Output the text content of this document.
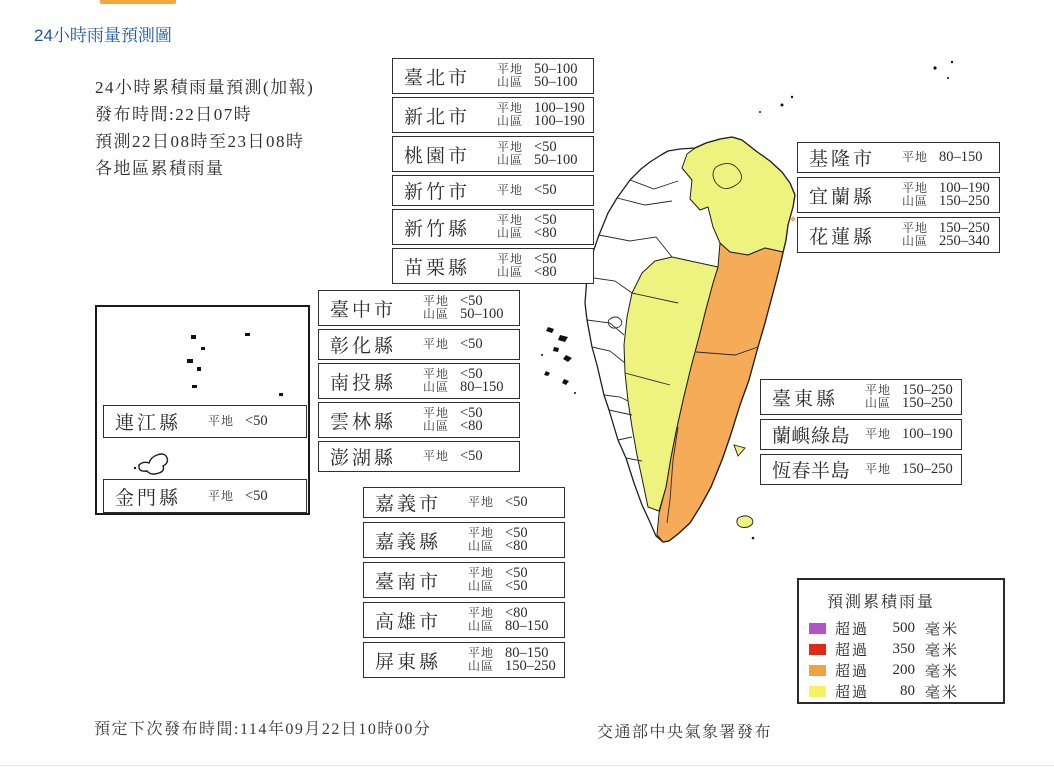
24小時雨量預測圖
24小時累積雨量預測(加報)
發布時間:22日07時
預測22日08時至23日08時
各地區累積雨量
臺北市	平地 50–100
山區 50–100
新北市	平地 100–190
山區 100–190
桃園市	平地 <50
山區 50–100
新竹市	平地 <50
新竹縣	平地 <50
山區 <80
苗栗縣	平地 <50
山區 <80
臺中市	平地 <50
山區 50–100
彰化縣	平地 <50
南投縣	平地 <50
山區 80–150
雲林縣	平地 <50
山區 <80
澎湖縣	平地 <50
嘉義市	平地 <50
嘉義縣	平地 <50
山區 <80
臺南市	平地 <50
山區 <50
高雄市	平地 <80
山區 80–150
屏東縣	平地 80–150
山區 150–250
基隆市	平地 80–150
宜蘭縣	平地 100–190
山區 150–250
花蓮縣	平地 150–250
山區 250–340
臺東縣	平地 150–250
山區 150–250
蘭嶼綠島	平地 100–190
恆春半島	平地 150–250
連江縣	平地 <50
金門縣	平地 <50
預測累積雨量
超過	500 毫米
超過	350 毫米
超過	200 毫米
超過	80 毫米
預定下次發布時間:114年09月22日10時00分	交通部中央氣象署發布
